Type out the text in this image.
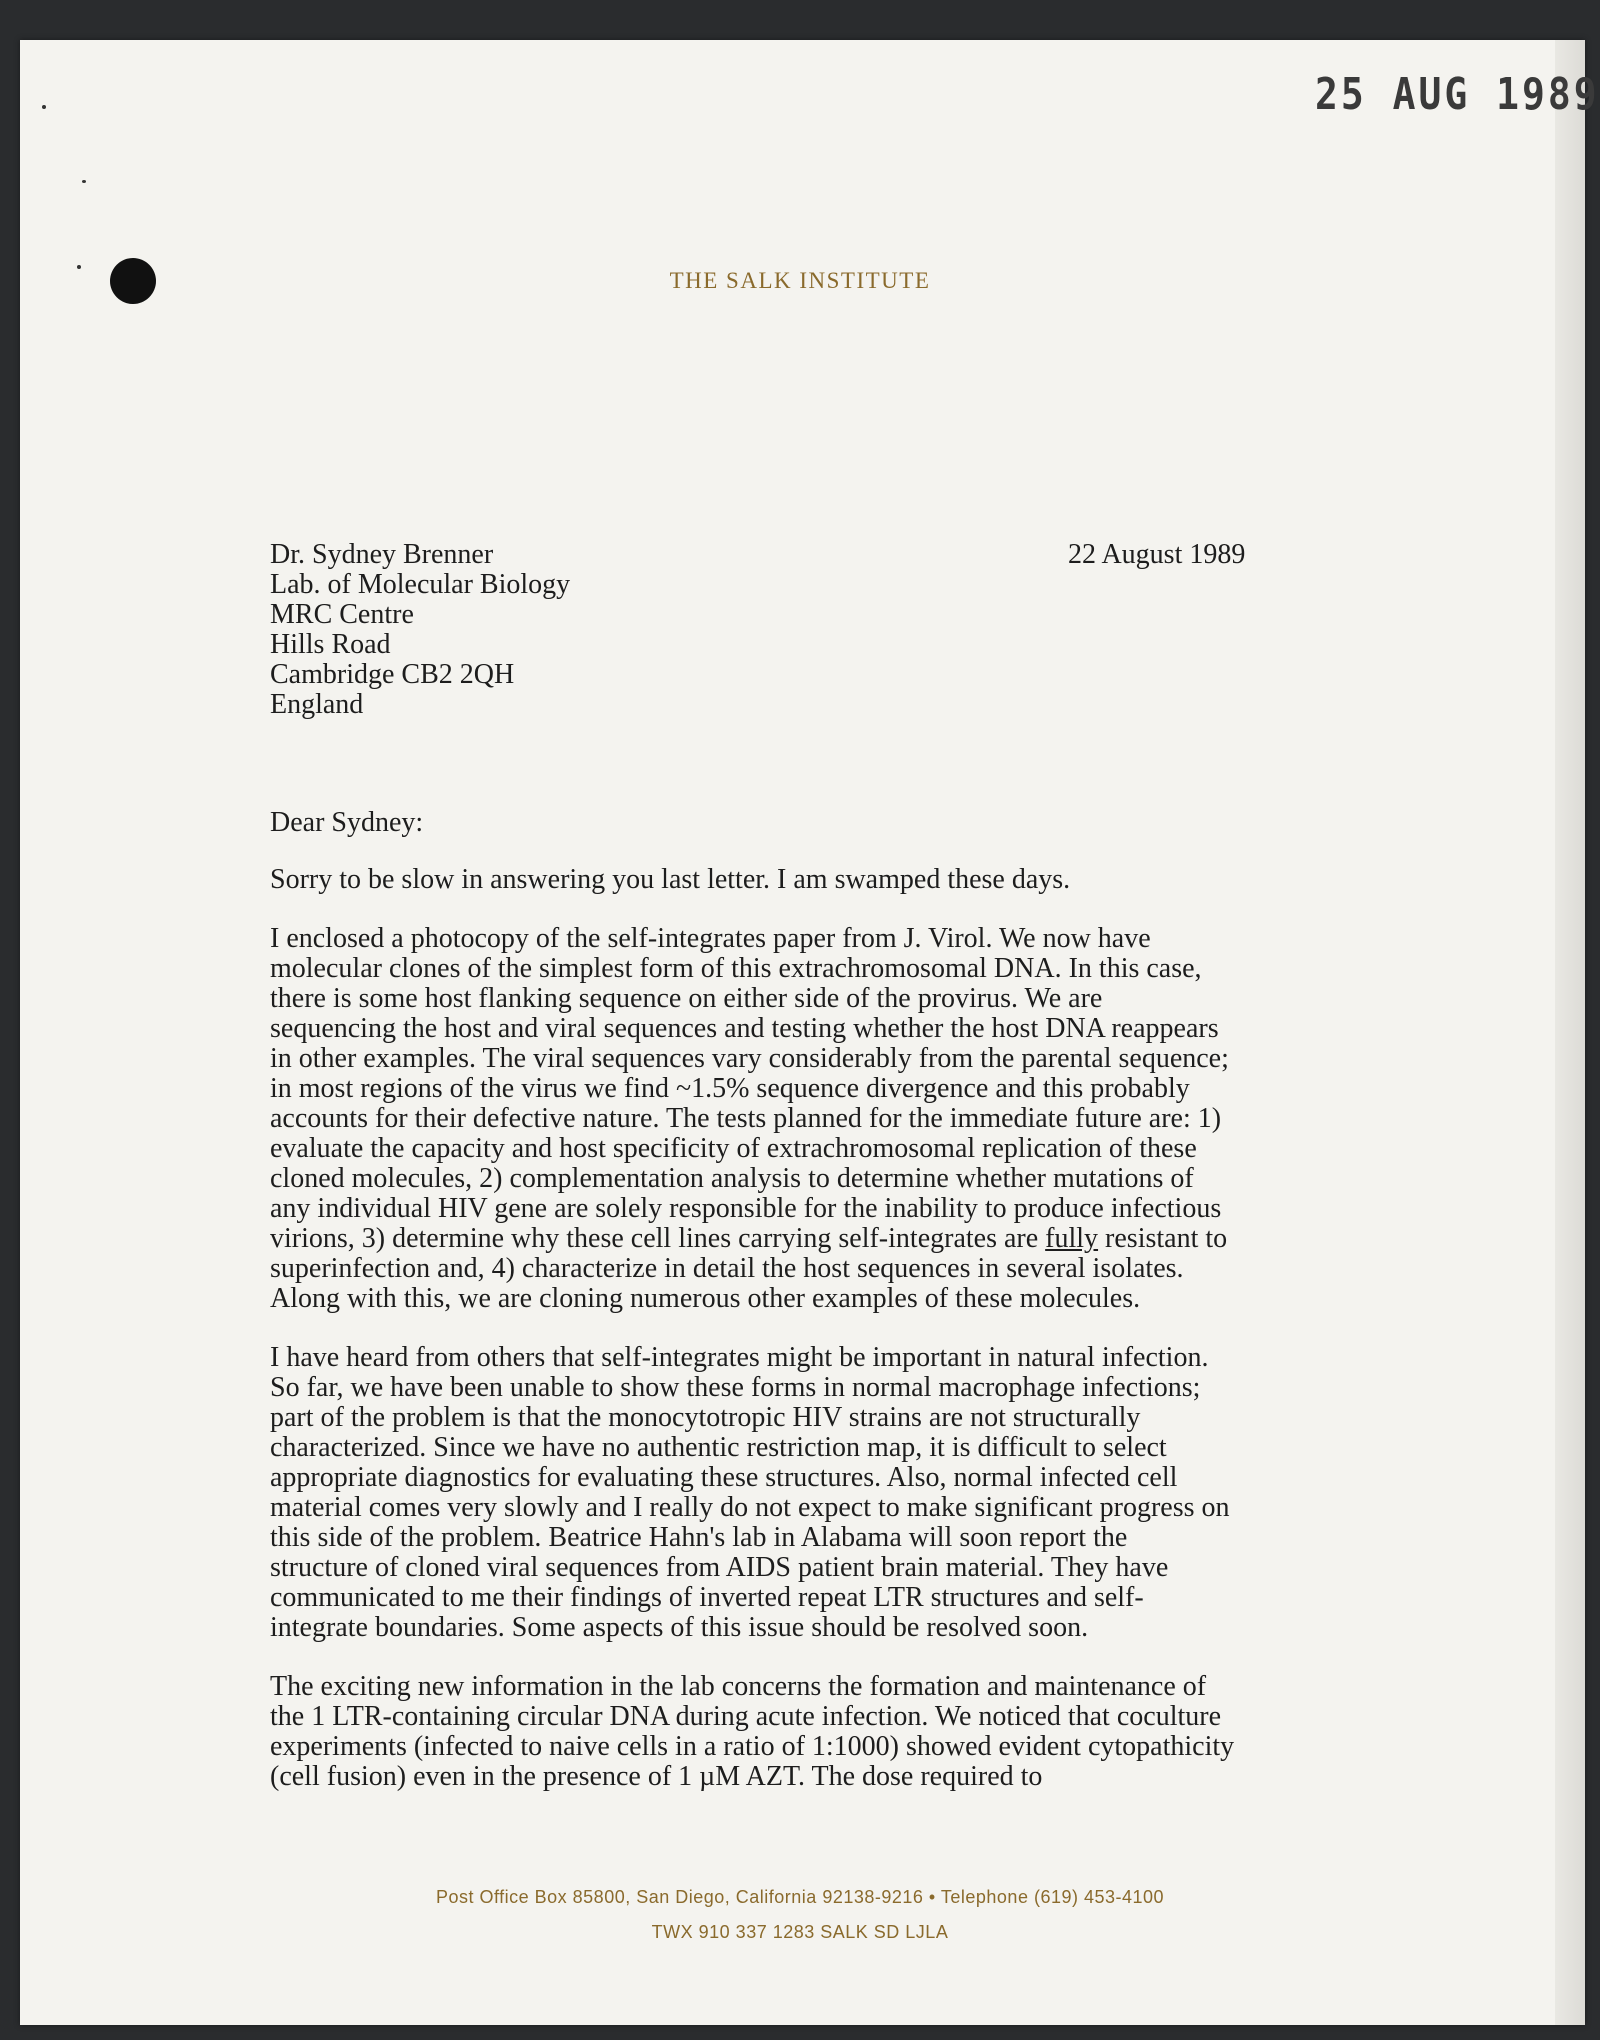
25 AUG 1989
THE SALK INSTITUTE
Dr. Sydney Brenner
Lab. of Molecular Biology
MRC Centre
Hills Road
Cambridge CB2 2QH
England
22 August 1989

Dear Sydney:

Sorry to be slow in answering you last letter. I am swamped these days.

I enclosed a photocopy of the self-integrates paper from J. Virol. We now have
molecular clones of the simplest form of this extrachromosomal DNA. In this case,
there is some host flanking sequence on either side of the provirus. We are
sequencing the host and viral sequences and testing whether the host DNA reappears
in other examples. The viral sequences vary considerably from the parental sequence;
in most regions of the virus we find ~1.5% sequence divergence and this probably
accounts for their defective nature. The tests planned for the immediate future are: 1)
evaluate the capacity and host specificity of extrachromosomal replication of these
cloned molecules, 2) complementation analysis to determine whether mutations of
any individual HIV gene are solely responsible for the inability to produce infectious
virions, 3) determine why these cell lines carrying self-integrates are fully resistant to
superinfection and, 4) characterize in detail the host sequences in several isolates.
Along with this, we are cloning numerous other examples of these molecules.
I have heard from others that self-integrates might be important in natural infection.
So far, we have been unable to show these forms in normal macrophage infections;
part of the problem is that the monocytotropic HIV strains are not structurally
characterized. Since we have no authentic restriction map, it is difficult to select
appropriate diagnostics for evaluating these structures. Also, normal infected cell
material comes very slowly and I really do not expect to make significant progress on
this side of the problem. Beatrice Hahn's lab in Alabama will soon report the
structure of cloned viral sequences from AIDS patient brain material. They have
communicated to me their findings of inverted repeat LTR structures and self-
integrate boundaries. Some aspects of this issue should be resolved soon.
The exciting new information in the lab concerns the formation and maintenance of
the 1 LTR-containing circular DNA during acute infection. We noticed that coculture
experiments (infected to naive cells in a ratio of 1:1000) showed evident cytopathicity
(cell fusion) even in the presence of 1 µM AZT. The dose required to
Post Office Box 85800, San Diego, California 92138-9216 • Telephone (619) 453-4100
TWX 910 337 1283 SALK SD LJLA
